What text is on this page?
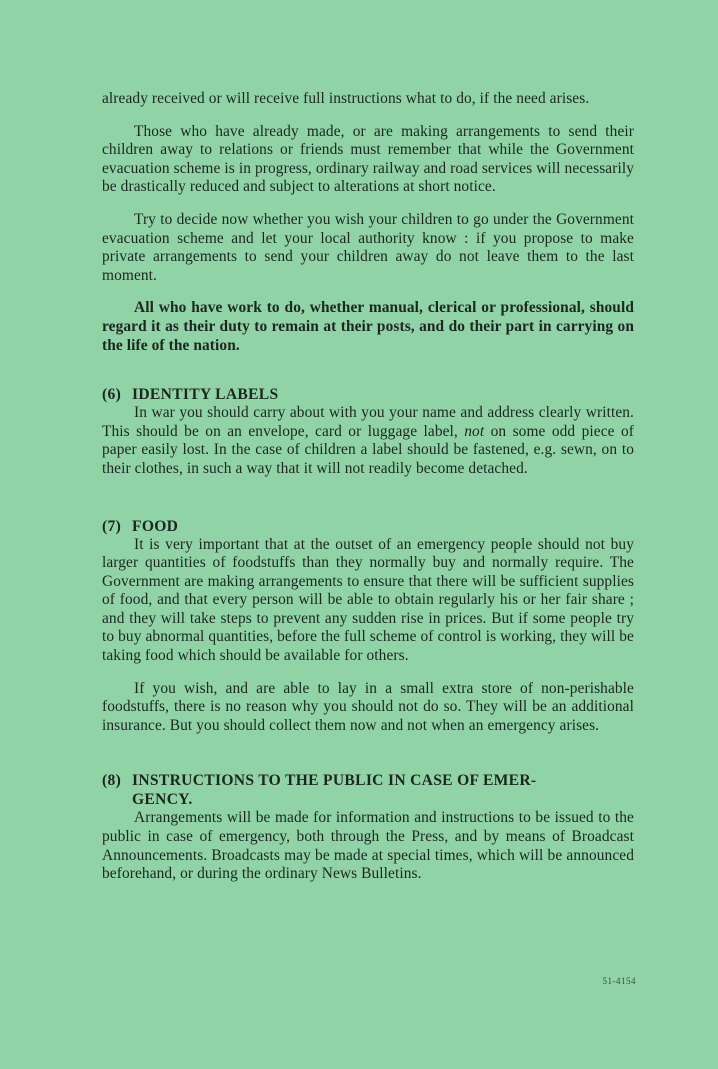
already received or will receive full instructions what to do, if the need arises.

Those who have already made, or are making arrangements to send their children away to relations or friends must remember that while the Government evacuation scheme is in progress, ordinary railway and road services will necessarily be drastically reduced and subject to alterations at short notice.

Try to decide now whether you wish your children to go under the Government evacuation scheme and let your local authority know : if you propose to make private arrangements to send your children away do not leave them to the last moment.

All who have work to do, whether manual, clerical or professional, should regard it as their duty to remain at their posts, and do their part in carrying on the life of the nation.

(6) IDENTITY LABELS

In war you should carry about with you your name and address clearly written. This should be on an envelope, card or luggage label, not on some odd piece of paper easily lost. In the case of children a label should be fastened, e.g. sewn, on to their clothes, in such a way that it will not readily become detached.

(7) FOOD

It is very important that at the outset of an emergency people should not buy larger quantities of foodstuffs than they normally buy and normally require. The Government are making arrangements to ensure that there will be sufficient supplies of food, and that every person will be able to obtain regularly his or her fair share ; and they will take steps to prevent any sudden rise in prices. But if some people try to buy abnormal quantities, before the full scheme of control is working, they will be taking food which should be available for others.

If you wish, and are able to lay in a small extra store of non-perishable foodstuffs, there is no reason why you should not do so. They will be an additional insurance. But you should collect them now and not when an emergency arises.

(8) INSTRUCTIONS TO THE PUBLIC IN CASE OF EMER-
GENCY.

Arrangements will be made for information and instructions to be issued to the public in case of emergency, both through the Press, and by means of Broadcast Announcements. Broadcasts may be made at special times, which will be announced beforehand, or during the ordinary News Bulletins.

51-4154
